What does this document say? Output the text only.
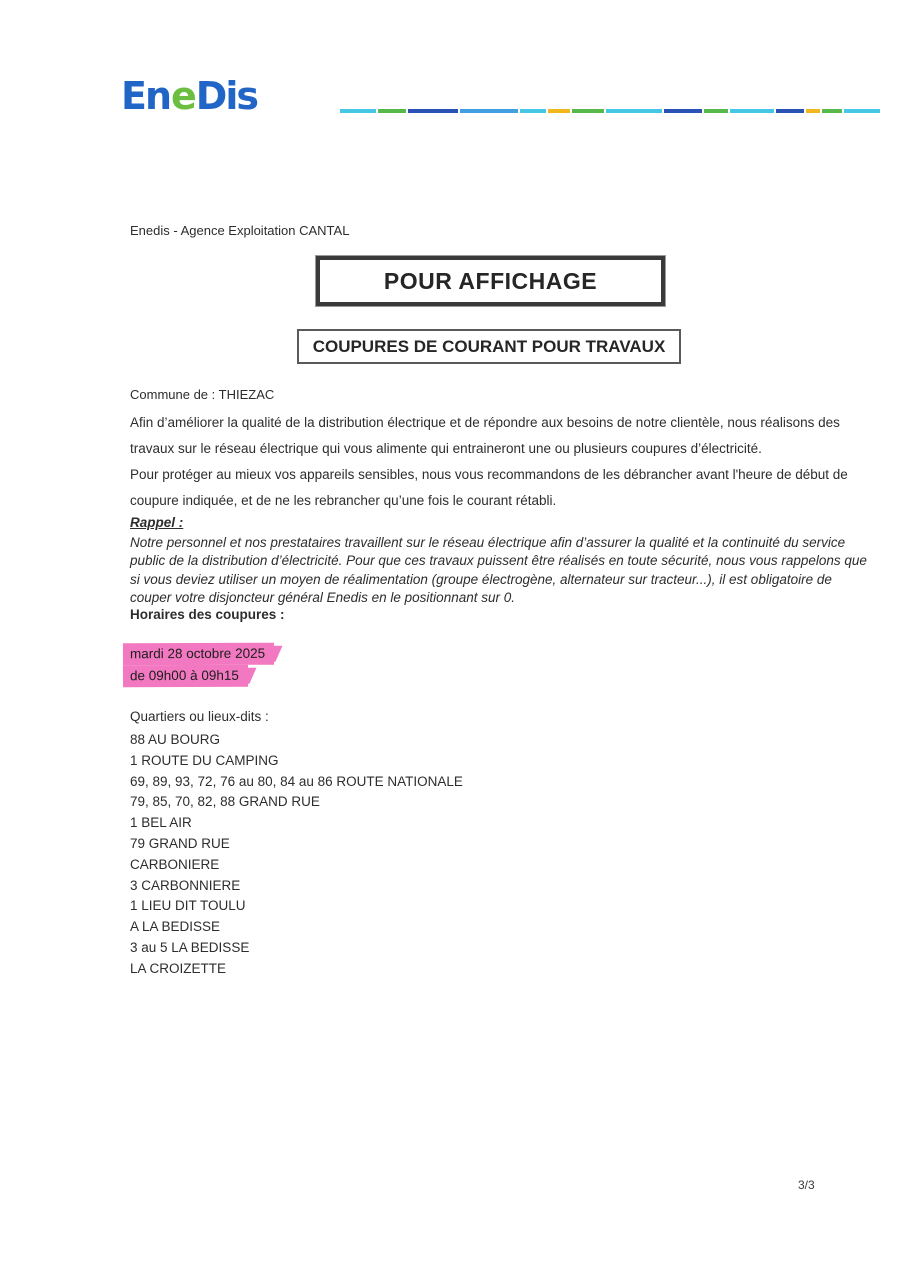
EneDis
Enedis - Agence Exploitation CANTAL
POUR AFFICHAGE
COUPURES DE COURANT POUR TRAVAUX
Commune de : THIEZAC

Afin d’améliorer la qualité de la distribution électrique et de répondre aux besoins de notre clientèle, nous réalisons des travaux sur le réseau électrique qui vous alimente qui entraineront une ou plusieurs coupures d’électricité.

Pour protéger au mieux vos appareils sensibles, nous vous recommandons de les débrancher avant l'heure de début de coupure indiquée, et de ne les rebrancher qu’une fois le courant rétabli.

Rappel :
Notre personnel et nos prestataires travaillent sur le réseau électrique afin d’assurer la qualité et la continuité du service public de la distribution d’électricité. Pour que ces travaux puissent être réalisés en toute sécurité, nous vous rappelons que si vous deviez utiliser un moyen de réalimentation (groupe électrogène, alternateur sur tracteur...), il est obligatoire de couper votre disjoncteur général Enedis en le positionnant sur 0.
Horaires des coupures :
mardi 28 octobre 2025
de 09h00 à 09h15
Quartiers ou lieux-dits :
88 AU BOURG
1 ROUTE DU CAMPING
69, 89, 93, 72, 76 au 80, 84 au 86 ROUTE NATIONALE
79, 85, 70, 82, 88 GRAND RUE
1 BEL AIR
79 GRAND RUE
CARBONIERE
3 CARBONNIERE
1 LIEU DIT TOULU
A LA BEDISSE
3 au 5 LA BEDISSE
LA CROIZETTE
3/3
